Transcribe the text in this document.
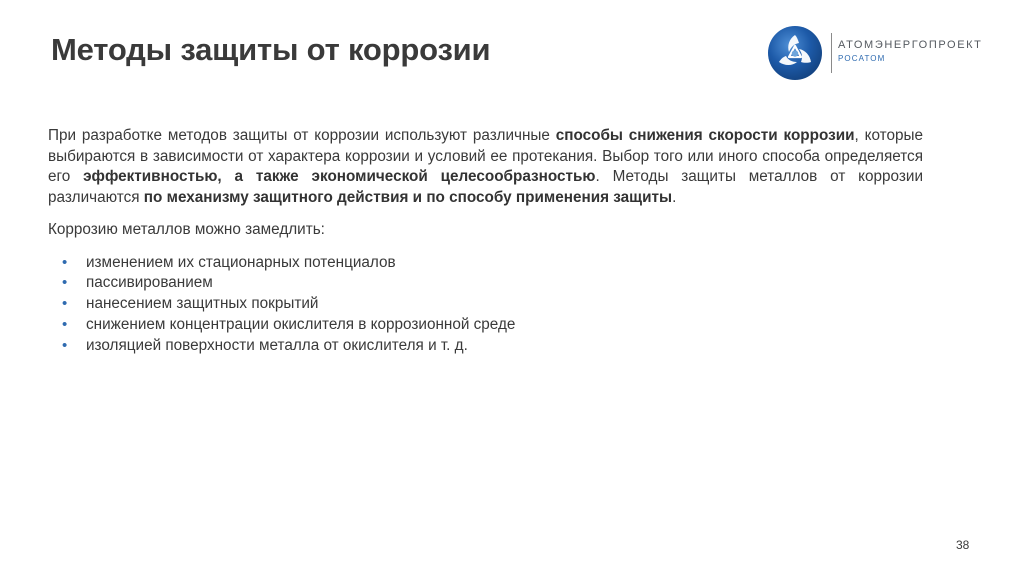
Методы защиты от коррозии	АТОМЭНЕРГОПРОЕКТ
РОСАТОМ

При разработке методов защиты от коррозии используют различные способы снижения скорости коррозии, которые выбираются в зависимости от характера коррозии и условий ее протекания. Выбор того или иного способа определяется его эффективностью, а также экономической целесообразностью. Методы защиты металлов от коррозии различаются по механизму защитного действия и по способу применения защиты.

Коррозию металлов можно замедлить:

• изменением их стационарных потенциалов
• пассивированием
• нанесением защитных покрытий
• снижением концентрации окислителя в коррозионной среде
• изоляцией поверхности металла от окислителя и т. д.
38
